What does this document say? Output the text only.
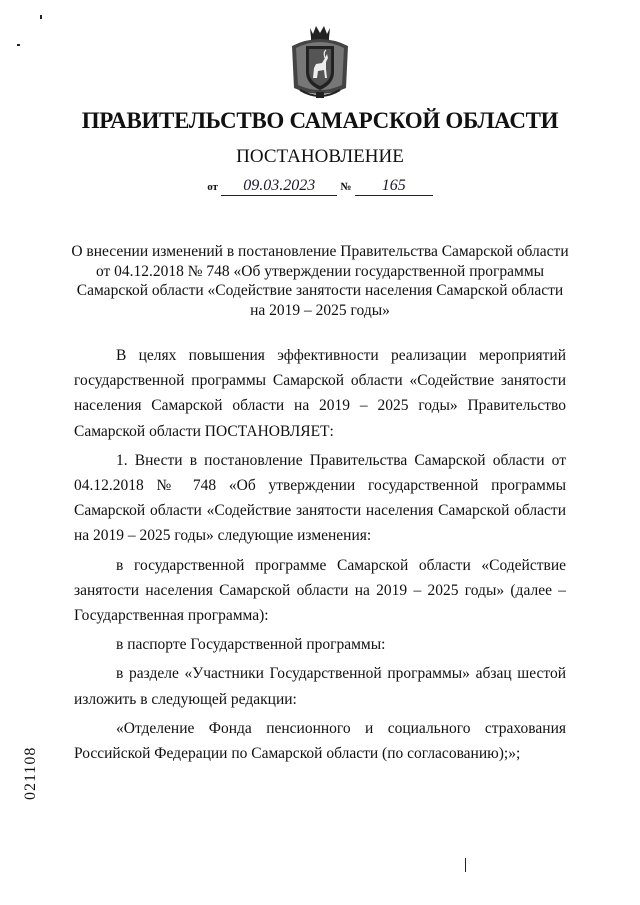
ПРАВИТЕЛЬСТВО САМАРСКОЙ ОБЛАСТИ
ПОСТАНОВЛЕНИЕ
от 09.03.2023 № 165
О внесении изменений в постановление Правительства Самарской области
от 04.12.2018 № 748 «Об утверждении государственной программы
Самарской области «Содействие занятости населения Самарской области
на 2019 – 2025 годы»

В целях повышения эффективности реализации мероприятий государственной программы Самарской области «Содействие занятости населения Самарской области на 2019 – 2025 годы» Правительство Самарской области ПОСТАНОВЛЯЕТ:

1. Внести в постановление Правительства Самарской области от 04.12.2018 № 748 «Об утверждении государственной программы Самарской области «Содействие занятости населения Самарской области на 2019 – 2025 годы» следующие изменения:

в государственной программе Самарской области «Содействие занятости населения Самарской области на 2019 – 2025 годы» (далее – Государственная программа):

в паспорте Государственной программы:

в разделе «Участники Государственной программы» абзац шестой изложить в следующей редакции:

«Отделение Фонда пенсионного и социального страхования Российской Федерации по Самарской области (по согласованию);»;

021108
